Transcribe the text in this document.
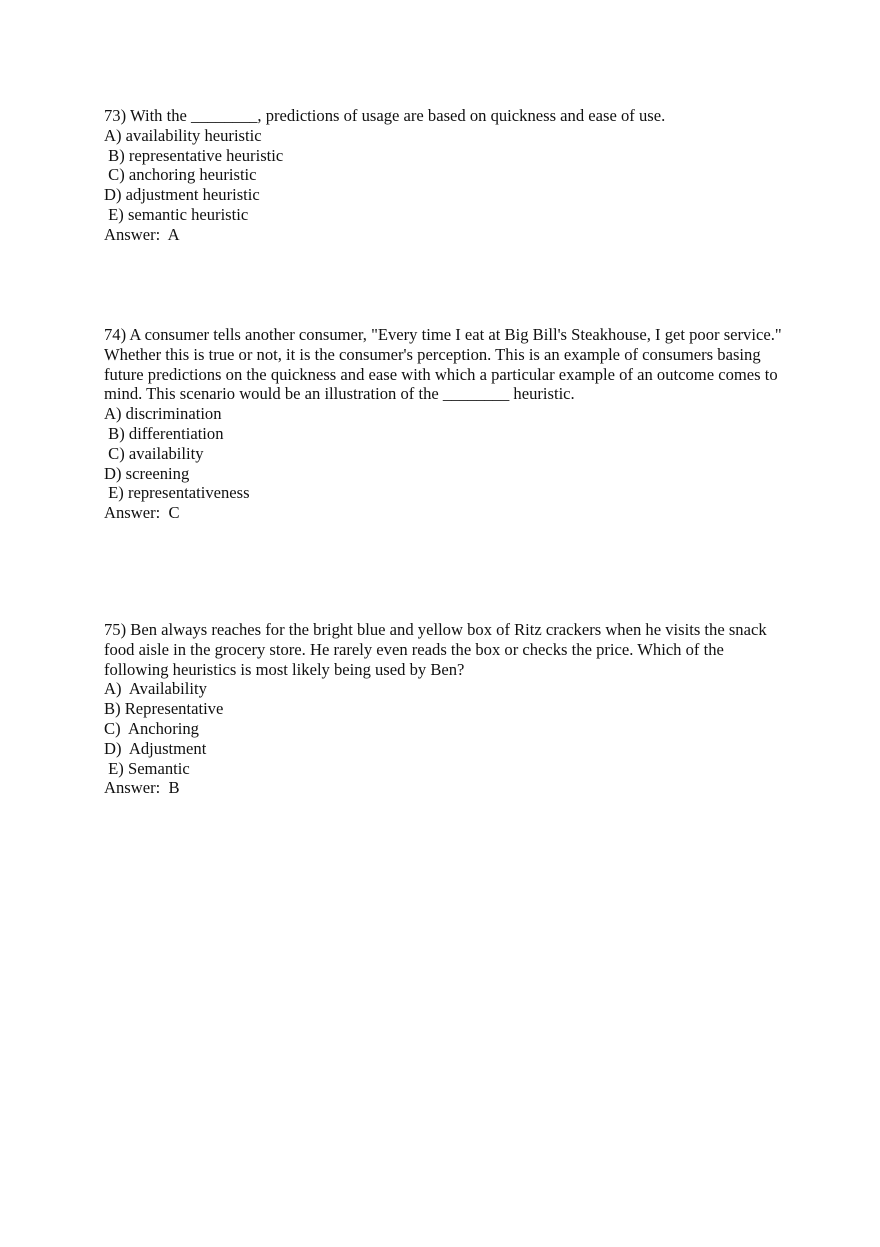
73) With the ________, predictions of usage are based on quickness and ease of use.

A) availability heuristic
B) representative heuristic
C) anchoring heuristic
D) adjustment heuristic
E) semantic heuristic
Answer:  A

74) A consumer tells another consumer, "Every time I eat at Big Bill's Steakhouse, I get poor service." Whether this is true or not, it is the consumer's perception. This is an example of consumers basing future predictions on the quickness and ease with which a particular example of an outcome comes to mind. This scenario would be an illustration of the ________ heuristic.

A) discrimination
B) differentiation
C) availability
D) screening
E) representativeness
Answer:  C

75) Ben always reaches for the bright blue and yellow box of Ritz crackers when he visits the snack food aisle in the grocery store. He rarely even reads the box or checks the price. Which of the following heuristics is most likely being used by Ben?

A)  Availability
B) Representative
C)  Anchoring
D)  Adjustment
E) Semantic
Answer:  B
